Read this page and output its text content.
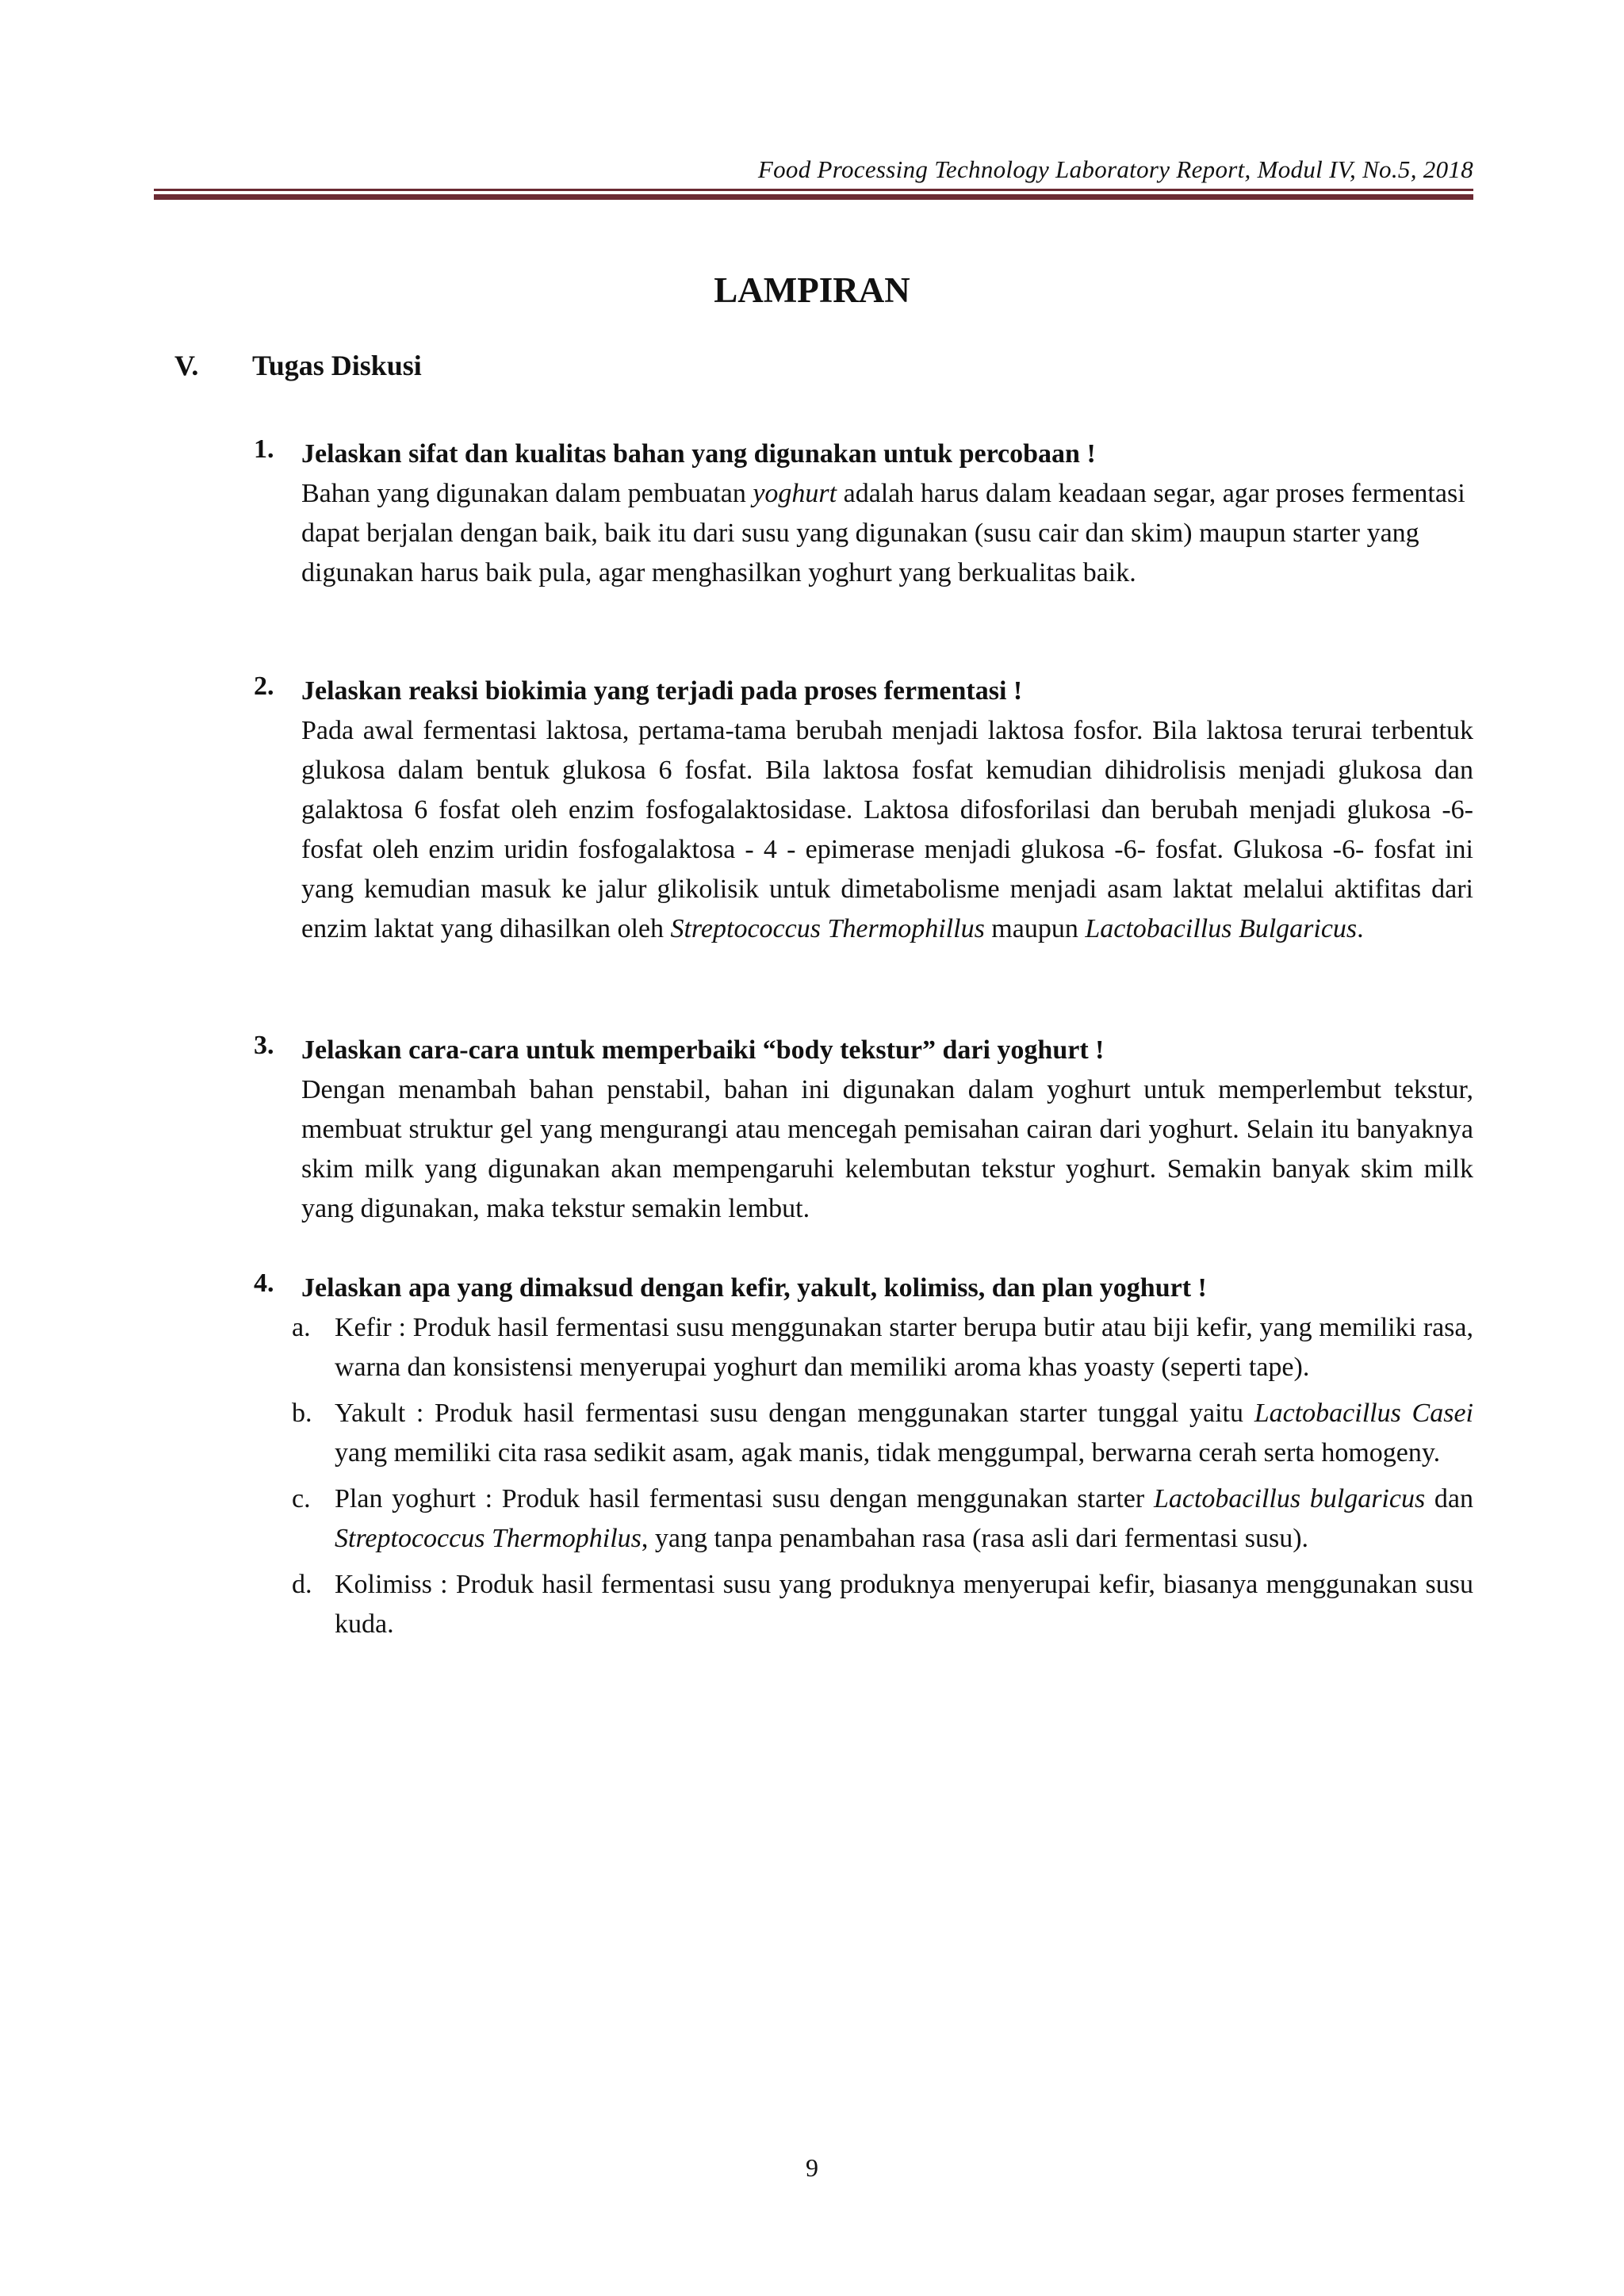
Food Processing Technology Laboratory Report, Modul IV, No.5, 2018
LAMPIRAN
V. Tugas Diskusi
1. Jelaskan sifat dan kualitas bahan yang digunakan untuk percobaan !
Bahan yang digunakan dalam pembuatan yoghurt adalah harus dalam keadaan segar, agar proses fermentasi dapat berjalan dengan baik, baik itu dari susu yang digunakan (susu cair dan skim) maupun starter yang digunakan harus baik pula, agar menghasilkan yoghurt yang berkualitas baik.
2. Jelaskan reaksi biokimia yang terjadi pada proses fermentasi !
Pada awal fermentasi laktosa, pertama-tama berubah menjadi laktosa fosfor. Bila laktosa terurai terbentuk glukosa dalam bentuk glukosa 6 fosfat. Bila laktosa fosfat kemudian dihidrolisis menjadi glukosa dan galaktosa 6 fosfat oleh enzim fosfogalaktosidase. Laktosa difosforilasi dan berubah menjadi glukosa -6- fosfat oleh enzim uridin fosfogalaktosa - 4 - epimerase menjadi glukosa -6- fosfat. Glukosa -6- fosfat ini yang kemudian masuk ke jalur glikolisik untuk dimetabolisme menjadi asam laktat melalui aktifitas dari enzim laktat yang dihasilkan oleh Streptococcus Thermophillus maupun Lactobacillus Bulgaricus.
3. Jelaskan cara-cara untuk memperbaiki “body tekstur” dari yoghurt !
Dengan menambah bahan penstabil, bahan ini digunakan dalam yoghurt untuk memperlembut tekstur, membuat struktur gel yang mengurangi atau mencegah pemisahan cairan dari yoghurt. Selain itu banyaknya skim milk yang digunakan akan mempengaruhi kelembutan tekstur yoghurt. Semakin banyak skim milk yang digunakan, maka tekstur semakin lembut.
4. Jelaskan apa yang dimaksud dengan kefir, yakult, kolimiss, dan plan yoghurt !
a. Kefir : Produk hasil fermentasi susu menggunakan starter berupa butir atau biji kefir, yang memiliki rasa, warna dan konsistensi menyerupai yoghurt dan memiliki aroma khas yoasty (seperti tape).
b. Yakult : Produk hasil fermentasi susu dengan menggunakan starter tunggal yaitu Lactobacillus Casei yang memiliki cita rasa sedikit asam, agak manis, tidak menggumpal, berwarna cerah serta homogeny.
c. Plan yoghurt : Produk hasil fermentasi susu dengan menggunakan starter Lactobacillus bulgaricus dan Streptococcus Thermophilus, yang tanpa penambahan rasa (rasa asli dari fermentasi susu).
d. Kolimiss : Produk hasil fermentasi susu yang produknya menyerupai kefir, biasanya menggunakan susu kuda.
9
